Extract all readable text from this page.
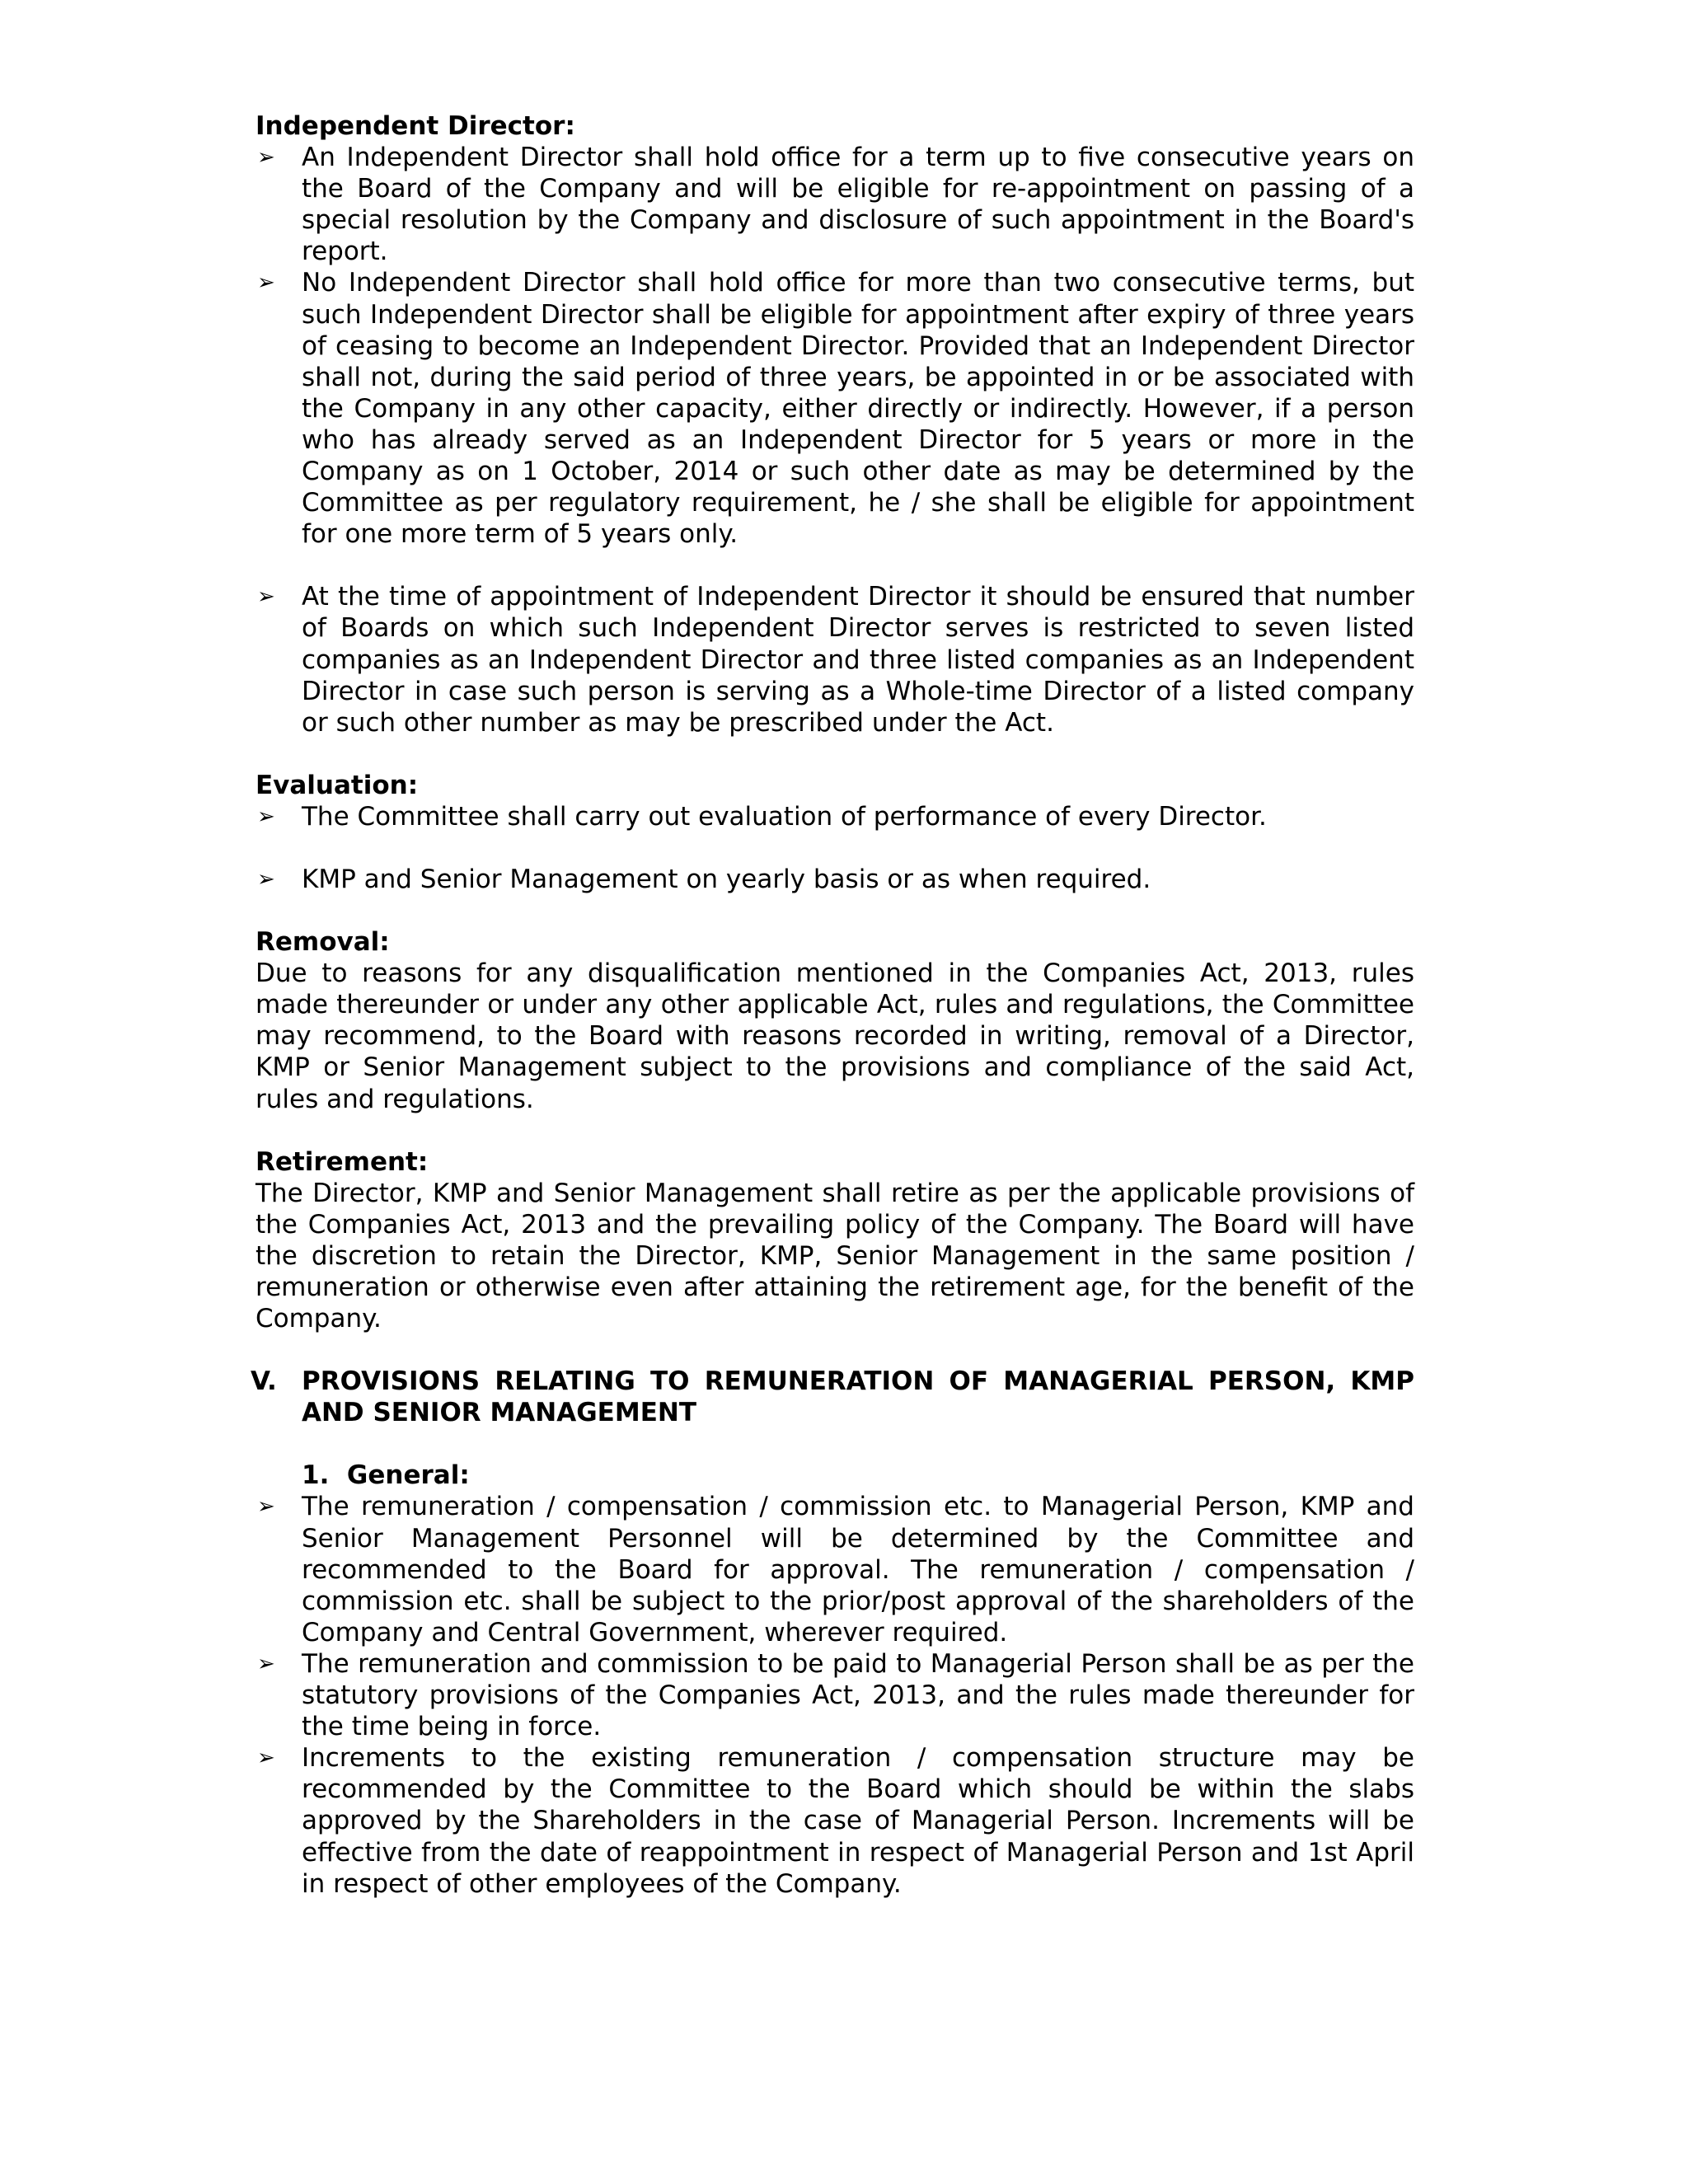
Independent Director:

➢ An Independent Director shall hold office for a term up to five consecutive years on the Board of the Company and will be eligible for re-appointment on passing of a special resolution by the Company and disclosure of such appointment in the Board's report.
➢ No Independent Director shall hold office for more than two consecutive terms, but such Independent Director shall be eligible for appointment after expiry of three years of ceasing to become an Independent Director. Provided that an Independent Director shall not, during the said period of three years, be appointed in or be associated with the Company in any other capacity, either directly or indirectly. However, if a person who has already served as an Independent Director for 5 years or more in the Company as on 1 October, 2014 or such other date as may be determined by the Committee as per regulatory requirement, he / she shall be eligible for appointment for one more term of 5 years only.
➢ At the time of appointment of Independent Director it should be ensured that number of Boards on which such Independent Director serves is restricted to seven listed companies as an Independent Director and three listed companies as an Independent Director in case such person is serving as a Whole-time Director of a listed company or such other number as may be prescribed under the Act.

Evaluation:

➢ The Committee shall carry out evaluation of performance of every Director.
➢ KMP and Senior Management on yearly basis or as when required.

Removal:

Due to reasons for any disqualification mentioned in the Companies Act, 2013, rules made thereunder or under any other applicable Act, rules and regulations, the Committee may recommend, to the Board with reasons recorded in writing, removal of a Director, KMP or Senior Management subject to the provisions and compliance of the said Act, rules and regulations.

Retirement:

The Director, KMP and Senior Management shall retire as per the applicable provisions of the Companies Act, 2013 and the prevailing policy of the Company. The Board will have the discretion to retain the Director, KMP, Senior Management in the same position / remuneration or otherwise even after attaining the retirement age, for the benefit of the Company.

V. PROVISIONS RELATING TO REMUNERATION OF MANAGERIAL PERSON, KMP AND SENIOR MANAGEMENT

1.  General:

➢ The remuneration / compensation / commission etc. to Managerial Person, KMP and Senior Management Personnel will be determined by the Committee and recommended to the Board for approval. The remuneration / compensation / commission etc. shall be subject to the prior/post approval of the shareholders of the Company and Central Government, wherever required.
➢ The remuneration and commission to be paid to Managerial Person shall be as per the statutory provisions of the Companies Act, 2013, and the rules made thereunder for the time being in force.
➢ Increments to the existing remuneration / compensation structure may be recommended by the Committee to the Board which should be within the slabs approved by the Shareholders in the case of Managerial Person. Increments will be effective from the date of reappointment in respect of Managerial Person and 1st April in respect of other employees of the Company.
